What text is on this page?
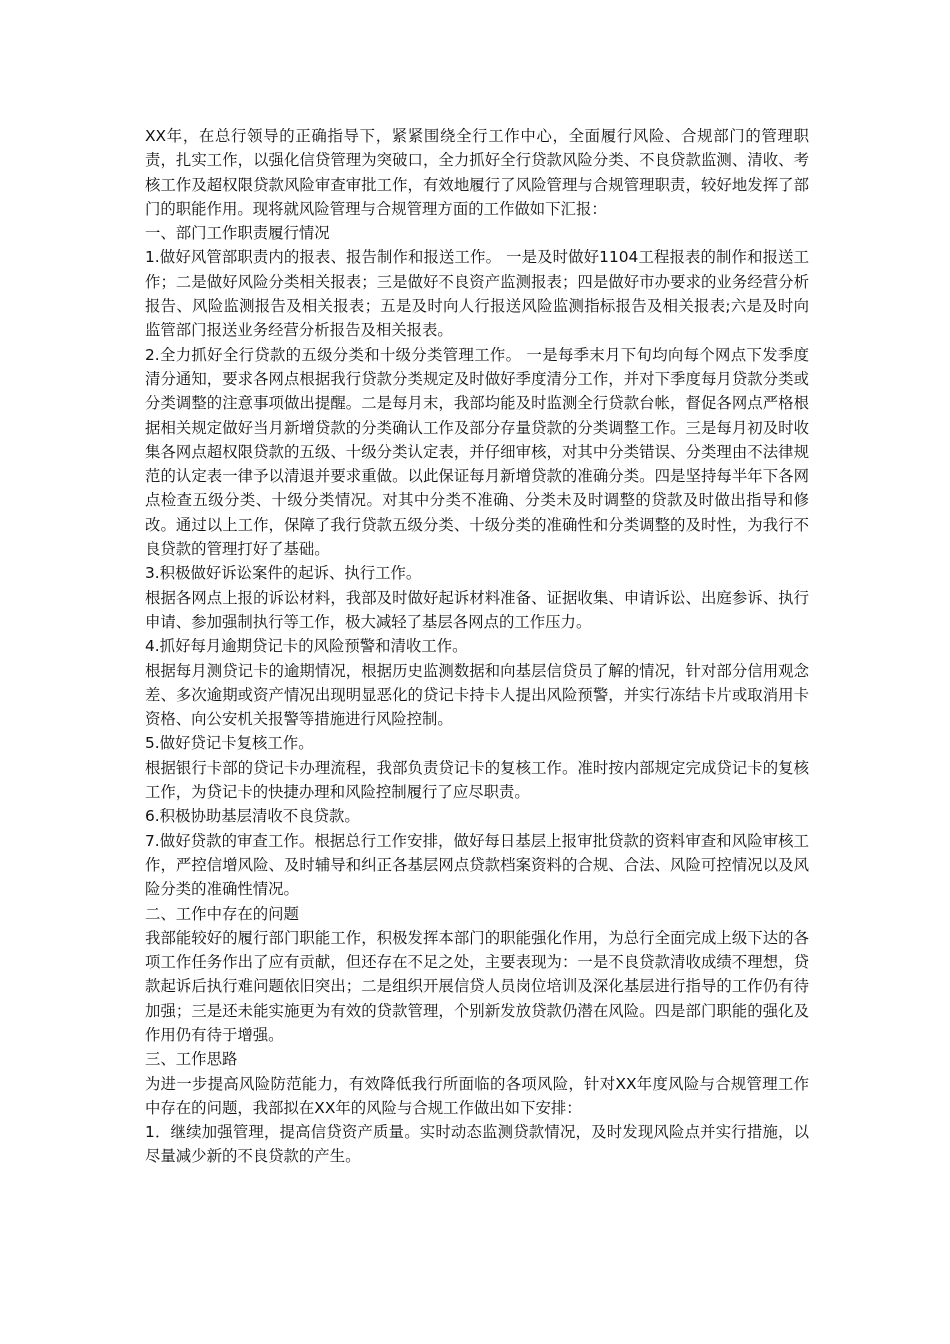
XX年，在总行领导的正确指导下，紧紧围绕全行工作中心，全面履行风险、合规部门的管理职责，扎实工作，以强化信贷管理为突破口，全力抓好全行贷款风险分类、不良贷款监测、清收、考核工作及超权限贷款风险审查审批工作，有效地履行了风险管理与合规管理职责，较好地发挥了部门的职能作用。现将就风险管理与合规管理方面的工作做如下汇报：

一、部门工作职责履行情况

1.做好风管部职责内的报表、报告制作和报送工作。 一是及时做好1104工程报表的制作和报送工作；二是做好风险分类相关报表；三是做好不良资产监测报表；四是做好市办要求的业务经营分析报告、风险监测报告及相关报表；五是及时向人行报送风险监测指标报告及相关报表;六是及时向监管部门报送业务经营分析报告及相关报表。

2.全力抓好全行贷款的五级分类和十级分类管理工作。 一是每季末月下旬均向每个网点下发季度清分通知，要求各网点根据我行贷款分类规定及时做好季度清分工作，并对下季度每月贷款分类或分类调整的注意事项做出提醒。二是每月末，我部均能及时监测全行贷款台帐，督促各网点严格根据相关规定做好当月新增贷款的分类确认工作及部分存量贷款的分类调整工作。三是每月初及时收集各网点超权限贷款的五级、十级分类认定表，并仔细审核，对其中分类错误、分类理由不法律规范的认定表一律予以清退并要求重做。以此保证每月新增贷款的准确分类。四是坚持每半年下各网点检查五级分类、十级分类情况。对其中分类不准确、分类未及时调整的贷款及时做出指导和修改。通过以上工作，保障了我行贷款五级分类、十级分类的准确性和分类调整的及时性，为我行不良贷款的管理打好了基础。

3.积极做好诉讼案件的起诉、执行工作。

根据各网点上报的诉讼材料，我部及时做好起诉材料准备、证据收集、申请诉讼、出庭参诉、执行申请、参加强制执行等工作，极大减轻了基层各网点的工作压力。

4.抓好每月逾期贷记卡的风险预警和清收工作。

根据每月测贷记卡的逾期情况，根据历史监测数据和向基层信贷员了解的情况，针对部分信用观念差、多次逾期或资产情况出现明显恶化的贷记卡持卡人提出风险预警，并实行冻结卡片或取消用卡资格、向公安机关报警等措施进行风险控制。

5.做好贷记卡复核工作。

根据银行卡部的贷记卡办理流程，我部负责贷记卡的复核工作。准时按内部规定完成贷记卡的复核工作，为贷记卡的快捷办理和风险控制履行了应尽职责。

6.积极协助基层清收不良贷款。

7.做好贷款的审查工作。根据总行工作安排，做好每日基层上报审批贷款的资料审查和风险审核工作，严控信增风险、及时辅导和纠正各基层网点贷款档案资料的合规、合法、风险可控情况以及风险分类的准确性情况。

二、工作中存在的问题

我部能较好的履行部门职能工作，积极发挥本部门的职能强化作用，为总行全面完成上级下达的各项工作任务作出了应有贡献，但还存在不足之处，主要表现为：一是不良贷款清收成绩不理想，贷款起诉后执行难问题依旧突出；二是组织开展信贷人员岗位培训及深化基层进行指导的工作仍有待加强；三是还未能实施更为有效的贷款管理，个别新发放贷款仍潜在风险。四是部门职能的强化及作用仍有待于增强。

三、工作思路

为进一步提高风险防范能力，有效降低我行所面临的各项风险，针对XX年度风险与合规管理工作中存在的问题，我部拟在XX年的风险与合规工作做出如下安排：

1．继续加强管理，提高信贷资产质量。实时动态监测贷款情况，及时发现风险点并实行措施，以尽量减少新的不良贷款的产生。
